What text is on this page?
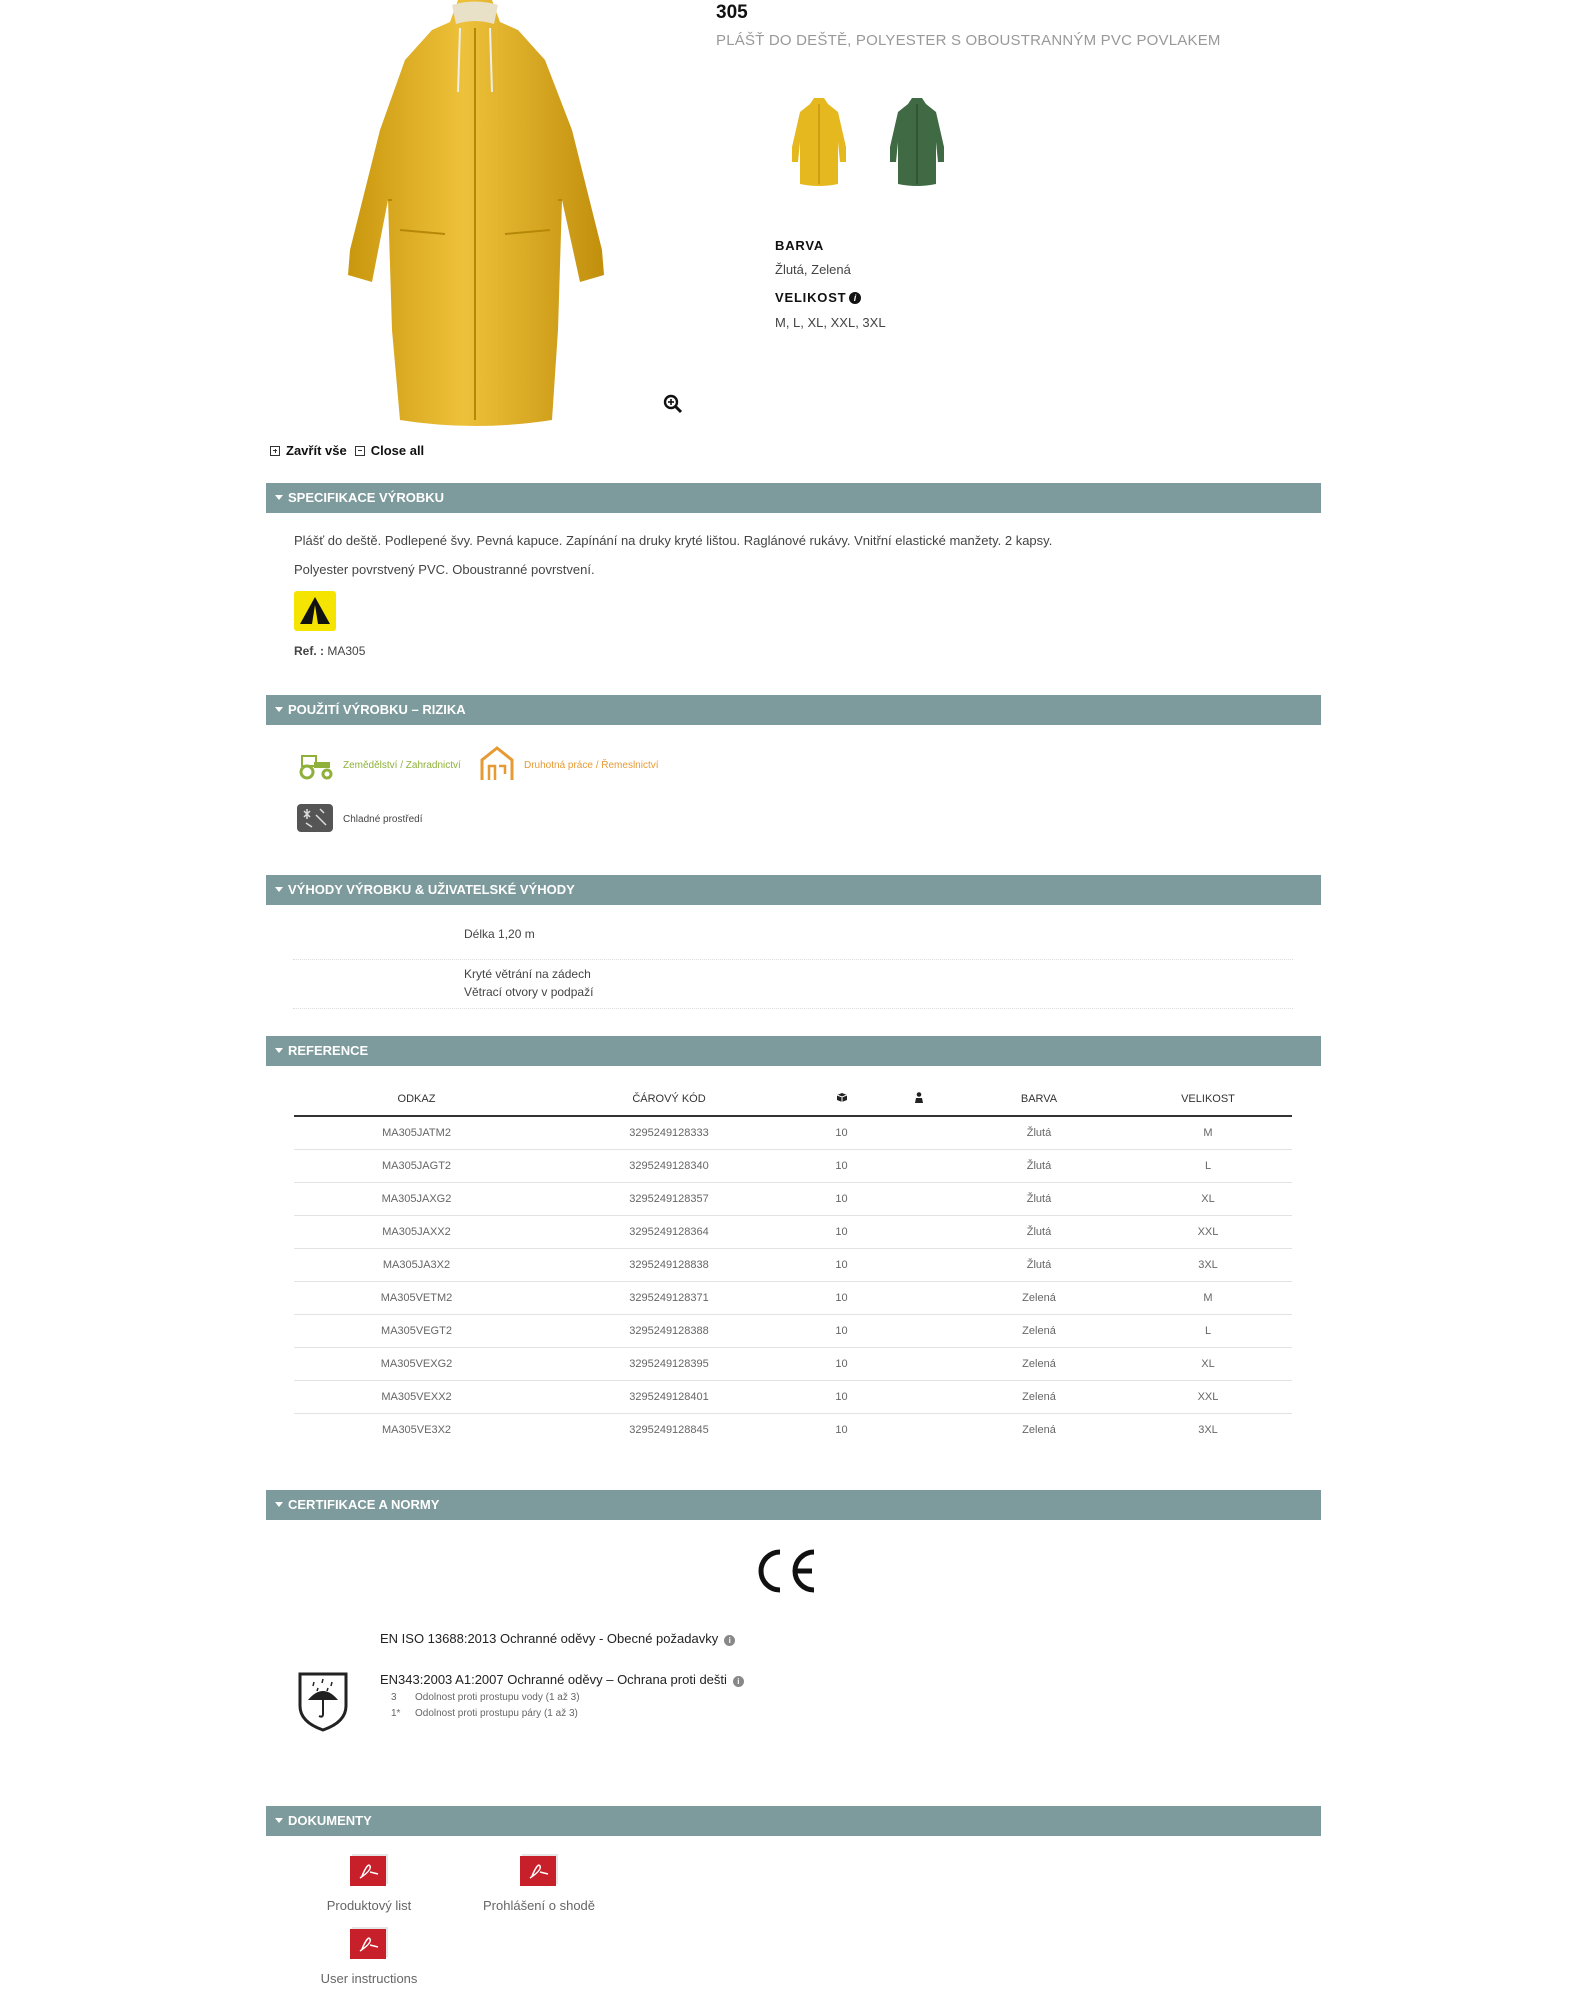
305
PLÁŠŤ DO DEŠTĚ, POLYESTER S OBOUSTRANNÝM PVC POVLAKEM
BARVA
Žlutá, Zelená
VELIKOST i
M, L, XL, XXL, 3XL
Zavřít vše Close all
SPECIFIKACE VÝROBKU
Plášť do deště. Podlepené švy. Pevná kapuce. Zapínání na druky kryté lištou. Raglánové rukávy. Vnitřní elastické manžety. 2 kapsy.
Polyester povrstvený PVC. Oboustranné povrstvení.
Ref. : MA305
POUŽITÍ VÝROBKU – RIZIKA
Zemědělství / Zahradnictví	Druhotná práce / Řemeslnictví
Chladné prostředí
VÝHODY VÝROBKU & UŽIVATELSKÉ VÝHODY
Délka 1,20 m
Kryté větrání na zádech
Větrací otvory v podpaží
REFERENCE
ODKAZ	ČÁROVÝ KÓD			BARVA	VELIKOST
MA305JATM2	3295249128333	10		Žlutá	M
MA305JAGT2	3295249128340	10		Žlutá	L
MA305JAXG2	3295249128357	10		Žlutá	XL
MA305JAXX2	3295249128364	10		Žlutá	XXL
MA305JA3X2	3295249128838	10		Žlutá	3XL
MA305VETM2	3295249128371	10		Zelená	M
MA305VEGT2	3295249128388	10		Zelená	L
MA305VEXG2	3295249128395	10		Zelená	XL
MA305VEXX2	3295249128401	10		Zelená	XXL
MA305VE3X2	3295249128845	10		Zelená	3XL
CERTIFIKACE A NORMY
EN ISO 13688:2013 Ochranné oděvy - Obecné požadavky i
EN343:2003 A1:2007 Ochranné oděvy – Ochrana proti dešti i
3 Odolnost proti prostupu vody (1 až 3)
1* Odolnost proti prostupu páry (1 až 3)
DOKUMENTY
Produktový list	Prohlášení o shodě
User instructions
